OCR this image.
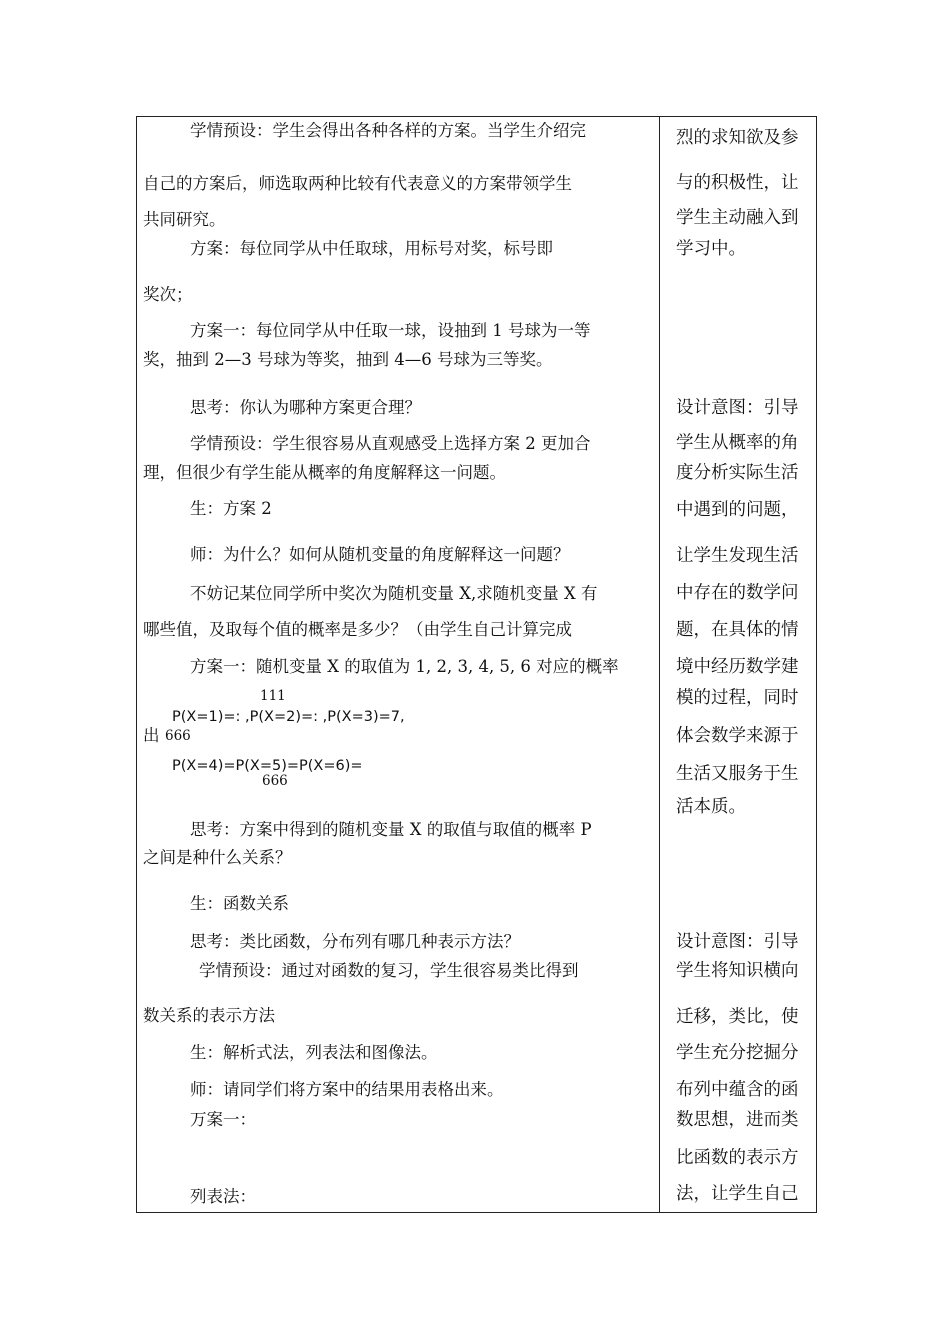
学情预设：学生会得出各种各样的方案。当学生介绍完
自己的方案后，师选取两种比较有代表意义的方案带领学生
共同研究。
方案：每位同学从中任取球，用标号对奖，标号即
奖次；
方案一：每位同学从中任取一球，设抽到 1 号球为一等
奖，抽到 2—3 号球为等奖，抽到 4—6 号球为三等奖。
思考：你认为哪种方案更合理？
学情预设：学生很容易从直观感受上选择方案 2 更加合
理，但很少有学生能从概率的角度解释这一问题。
生：方案 2
师：为什么？如何从随机变量的角度解释这一问题？
不妨记某位同学所中奖次为随机变量 X,求随机变量 X 有
哪些值，及取每个值的概率是多少？（由学生自己计算完成
方案一：随机变量 X 的取值为 1, 2, 3, 4, 5, 6 对应的概率
111
P(X=1)=: ,P(X=2)=: ,P(X=3)=7,
出 666
P(X=4)=P(X=5)=P(X=6)=
666
思考：方案中得到的随机变量 X 的取值与取值的概率 P
之间是种什么关系？
生：函数关系
思考：类比函数，分布列有哪几种表示方法？
学情预设：通过对函数的复习，学生很容易类比得到
数关系的表示方法
生：解析式法，列表法和图像法。
师：请同学们将方案中的结果用表格出来。
万案一：
列表法：
烈的求知欲及参
与的积极性，让
学生主动融入到
学习中。
设计意图：引导
学生从概率的角
度分析实际生活
中遇到的问题，
让学生发现生活
中存在的数学问
题，在具体的情
境中经历数学建
模的过程，同时
体会数学来源于
生活又服务于生
活本质。
设计意图：引导
学生将知识横向
迁移，类比，使
学生充分挖掘分
布列中蕴含的函
数思想，进而类
比函数的表示方
法，让学生自己
